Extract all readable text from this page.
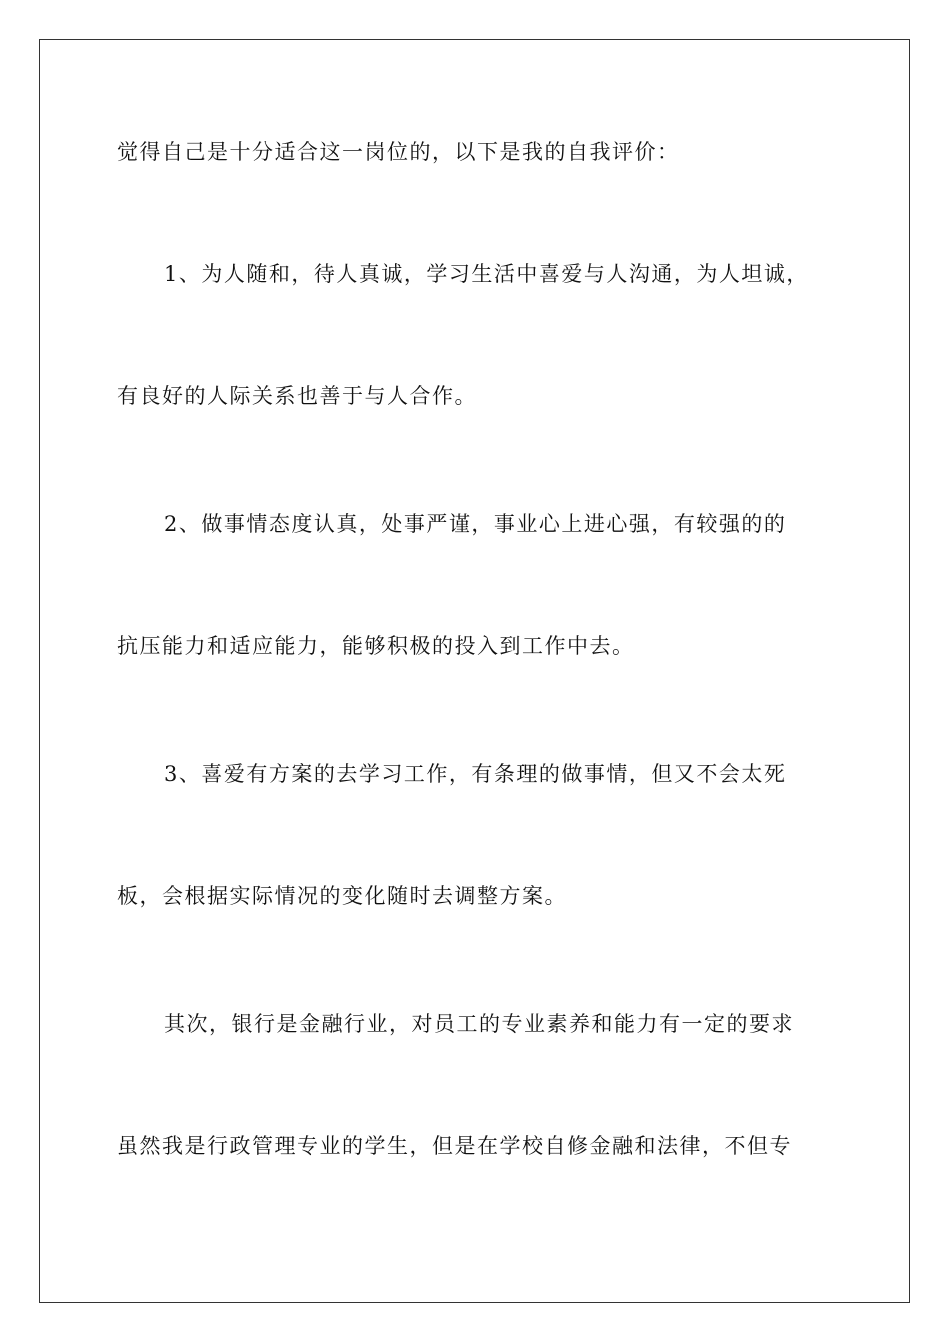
觉得自己是十分适合这一岗位的，以下是我的自我评价：
1、为人随和，待人真诚，学习生活中喜爱与人沟通，为人坦诚，
有良好的人际关系也善于与人合作。
2、做事情态度认真，处事严谨，事业心上进心强，有较强的的
抗压能力和适应能力，能够积极的投入到工作中去。
3、喜爱有方案的去学习工作，有条理的做事情，但又不会太死
板，会根据实际情况的变化随时去调整方案。
其次，银行是金融行业，对员工的专业素养和能力有一定的要求
虽然我是行政管理专业的学生，但是在学校自修金融和法律，不但专
